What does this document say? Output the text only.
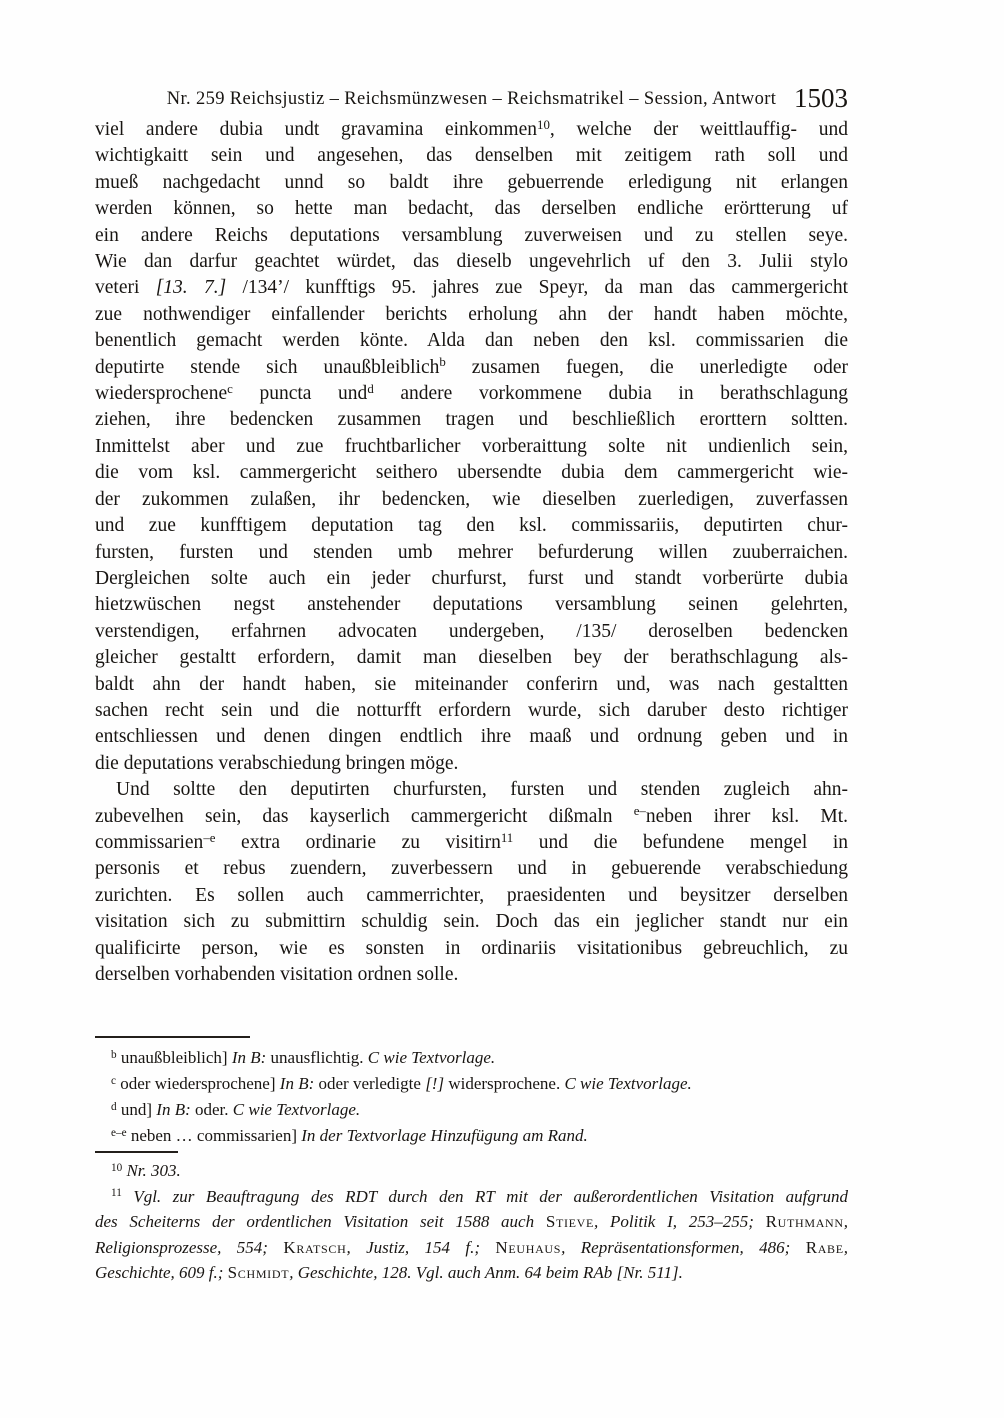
Nr. 259 Reichsjustiz – Reichsmünzwesen – Reichsmatrikel – Session, Antwort 1503
viel andere dubia undt gravamina einkommen$^{10}$, welche der weittlauffig- und
wichtigkaitt sein und angesehen, das denselben mit zeitigem rath soll und
mueß nachgedacht unnd so baldt ihre gebuerrende erledigung nit erlangen
werden können, so hette man bedacht, das derselben endliche erörtterung uf
ein andere Reichs deputations versamblung zuverweisen und zu stellen seye.
Wie dan darfur geachtet würdet, das dieselb ungevehrlich uf den 3. Julii stylo
veteri [13. 7.] /134’/ kunfftigs 95. jahres zue Speyr, da man das cammergericht
zue nothwendiger einfallender berichts erholung ahn der handt haben möchte,
benentlich gemacht werden könte. Alda dan neben den ksl. commissarien die
deputirte stende sich unaußbleiblich$^b$ zusamen fuegen, die unerledigte oder
wiedersprochene$^c$ puncta und$^d$ andere vorkommene dubia in berathschlagung
ziehen, ihre bedencken zusammen tragen und beschließlich erorttern soltten.
Inmittelst aber und zue fruchtbarlicher vorberaittung solte nit undienlich sein,
die vom ksl. cammergericht seithero ubersendte dubia dem cammergericht wie-
der zukommen zulaßen, ihr bedencken, wie dieselben zuerledigen, zuverfassen
und zue kunfftigem deputation tag den ksl. commissariis, deputirten chur-
fursten, fursten und stenden umb mehrer befurderung willen zuuberraichen.
Dergleichen solte auch ein jeder churfurst, furst und standt vorberürte dubia
hietzwüschen negst anstehender deputations versamblung seinen gelehrten,
verstendigen, erfahrnen advocaten undergeben, /135/ deroselben bedencken
gleicher gestaltt erfordern, damit man dieselben bey der berathschlagung als-
baldt ahn der handt haben, sie miteinander conferirn und, was nach gestaltten
sachen recht sein und die notturfft erfordern wurde, sich daruber desto richtiger
entschliessen und denen dingen endtlich ihre maaß und ordnung geben und in
die deputations verabschiedung bringen möge.
Und soltte den deputirten churfursten, fursten und stenden zugleich ahn-
zubevelhen sein, das kayserlich cammergericht dißmaln $^{e-}$neben ihrer ksl. Mt.
commissarien$^{-e}$ extra ordinarie zu visitirn$^{11}$ und die befundene mengel in
personis et rebus zuendern, zuverbessern und in gebuerende verabschiedung
zurichten. Es sollen auch cammerrichter, praesidenten und beysitzer derselben
visitation sich zu submittirn schuldig sein. Doch das ein jeglicher standt nur ein
qualificirte person, wie es sonsten in ordinariis visitationibus gebreuchlich, zu
derselben vorhabenden visitation ordnen solle.
$^b$ unaußbleiblich] In B: unausflichtig. C wie Textvorlage.
$^c$ oder wiedersprochene] In B: oder verledigte [!] widersprochene. C wie Textvorlage.
$^d$ und] In B: oder. C wie Textvorlage.
$^{e-e}$ neben … commissarien] In der Textvorlage Hinzufügung am Rand.
$^{10}$ Nr. 303.
$^{11}$ Vgl. zur Beauftragung des RDT durch den RT mit der außerordentlichen Visitation aufgrund
des Scheiterns der ordentlichen Visitation seit 1588 auch Stieve, Politik I, 253–255; Ruthmann,
Religionsprozesse, 554; Kratsch, Justiz, 154 f.; Neuhaus, Repräsentationsformen, 486; Rabe,
Geschichte, 609 f.; Schmidt, Geschichte, 128. Vgl. auch Anm. 64 beim RAb [Nr. 511].
